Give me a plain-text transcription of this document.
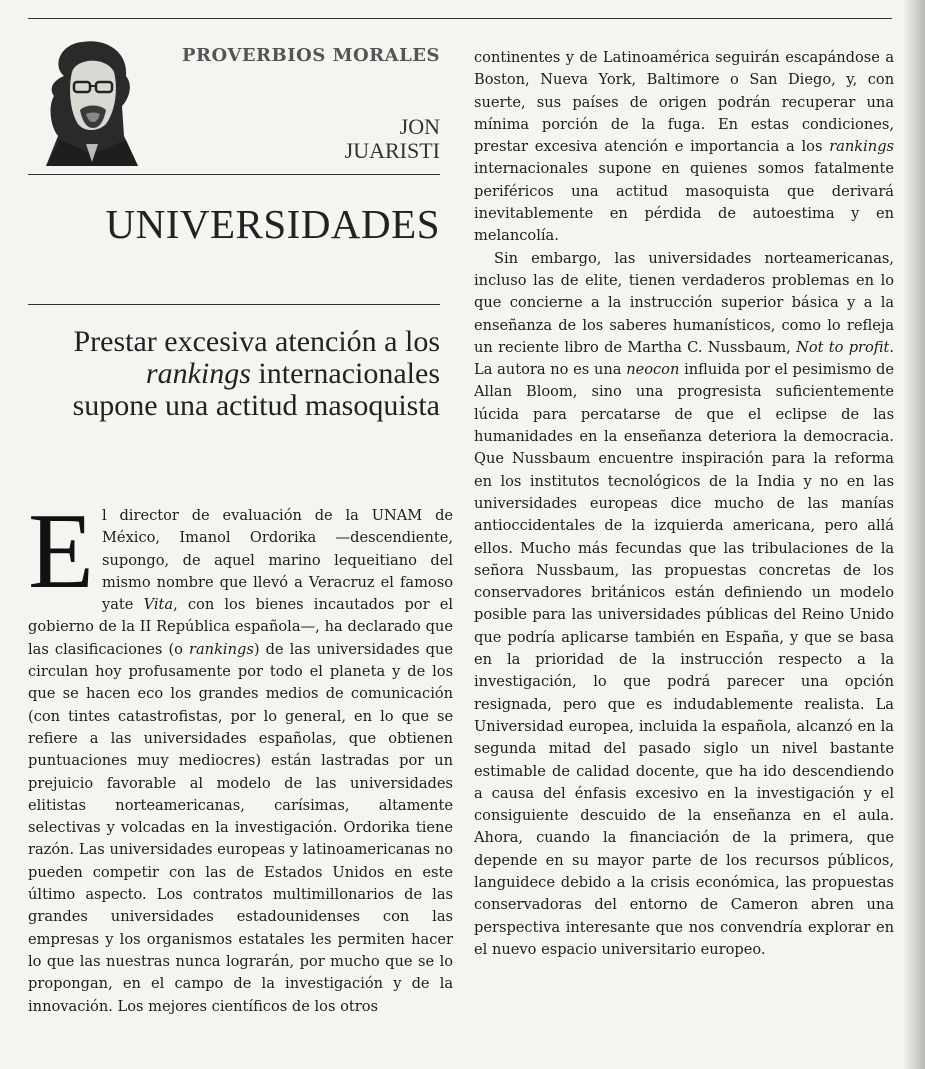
PROVERBIOS MORALES
JON
JUARISTI
UNIVERSIDADES
Prestar excesiva atención a los rankings internacionales supone una actitud masoquista

El director de evaluación de la UNAM de México, Imanol Ordorika —descendiente, supongo, de aquel marino lequeitiano del mismo nombre que llevó a Veracruz el famoso yate Vita, con los bienes incautados por el gobierno de la II República española—, ha declarado que las clasificaciones (o rankings) de las universidades que circulan hoy profusamente por todo el planeta y de los que se hacen eco los grandes medios de comunicación (con tintes catastrofistas, por lo general, en lo que se refiere a las universidades españolas, que obtienen puntuaciones muy mediocres) están lastradas por un prejuicio favorable al modelo de las universidades elitistas norteamericanas, carísimas, altamente selectivas y volcadas en la investigación. Ordorika tiene razón. Las universidades europeas y latinoamericanas no pueden competir con las de Estados Unidos en este último aspecto. Los contratos multimillonarios de las grandes universidades estadounidenses con las empresas y los organismos estatales les permiten hacer lo que las nuestras nunca lograrán, por mucho que se lo propongan, en el campo de la investigación y de la innovación. Los mejores científicos de los otros

continentes y de Latinoamérica seguirán escapándose a Boston, Nueva York, Baltimore o San Diego, y, con suerte, sus países de origen podrán recuperar una mínima porción de la fuga. En estas condiciones, prestar excesiva atención e importancia a los rankings internacionales supone en quienes somos fatalmente periféricos una actitud masoquista que derivará inevitablemente en pérdida de autoestima y en melancolía.

Sin embargo, las universidades norteamericanas, incluso las de elite, tienen verdaderos problemas en lo que concierne a la instrucción superior básica y a la enseñanza de los saberes humanísticos, como lo refleja un reciente libro de Martha C. Nussbaum, Not to profit. La autora no es una neocon influida por el pesimismo de Allan Bloom, sino una progresista suficientemente lúcida para percatarse de que el eclipse de las humanidades en la enseñanza deteriora la democracia. Que Nussbaum encuentre inspiración para la reforma en los institutos tecnológicos de la India y no en las universidades europeas dice mucho de las manías antioccidentales de la izquierda americana, pero allá ellos. Mucho más fecundas que las tribulaciones de la señora Nussbaum, las propuestas concretas de los conservadores británicos están definiendo un modelo posible para las universidades públicas del Reino Unido que podría aplicarse también en España, y que se basa en la prioridad de la instrucción respecto a la investigación, lo que podrá parecer una opción resignada, pero que es indudablemente realista. La Universidad europea, incluida la española, alcanzó en la segunda mitad del pasado siglo un nivel bastante estimable de calidad docente, que ha ido descendiendo a causa del énfasis excesivo en la investigación y el consiguiente descuido de la enseñanza en el aula. Ahora, cuando la financiación de la primera, que depende en su mayor parte de los recursos públicos, languidece debido a la crisis económica, las propuestas conservadoras del entorno de Cameron abren una perspectiva interesante que nos convendría explorar en el nuevo espacio universitario europeo.
